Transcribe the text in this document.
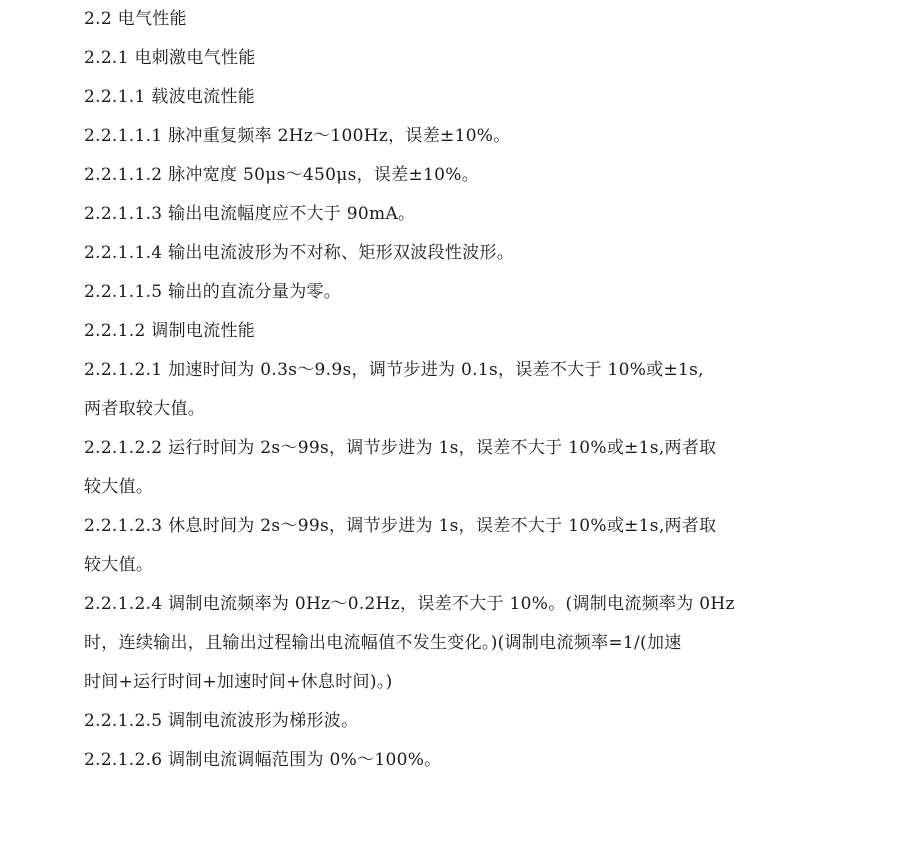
2.2 电气性能
2.2.1 电刺激电气性能
2.2.1.1 载波电流性能
2.2.1.1.1 脉冲重复频率 2Hz～100Hz，误差±10%。
2.2.1.1.2 脉冲宽度 50μs～450μs，误差±10%。
2.2.1.1.3 输出电流幅度应不大于 90mA。
2.2.1.1.4 输出电流波形为不对称、矩形双波段性波形。
2.2.1.1.5 输出的直流分量为零。
2.2.1.2 调制电流性能
2.2.1.2.1 加速时间为 0.3s～9.9s，调节步进为 0.1s，误差不大于 10%或±1s,
两者取较大值。
2.2.1.2.2 运行时间为 2s～99s，调节步进为 1s，误差不大于 10%或±1s,两者取
较大值。
2.2.1.2.3 休息时间为 2s～99s，调节步进为 1s，误差不大于 10%或±1s,两者取
较大值。
2.2.1.2.4 调制电流频率为 0Hz～0.2Hz，误差不大于 10%。(调制电流频率为 0Hz
时，连续输出，且输出过程输出电流幅值不发生变化。)(调制电流频率=1/(加速
时间+运行时间+加速时间+休息时间)。)
2.2.1.2.5 调制电流波形为梯形波。
2.2.1.2.6 调制电流调幅范围为 0%～100%。
